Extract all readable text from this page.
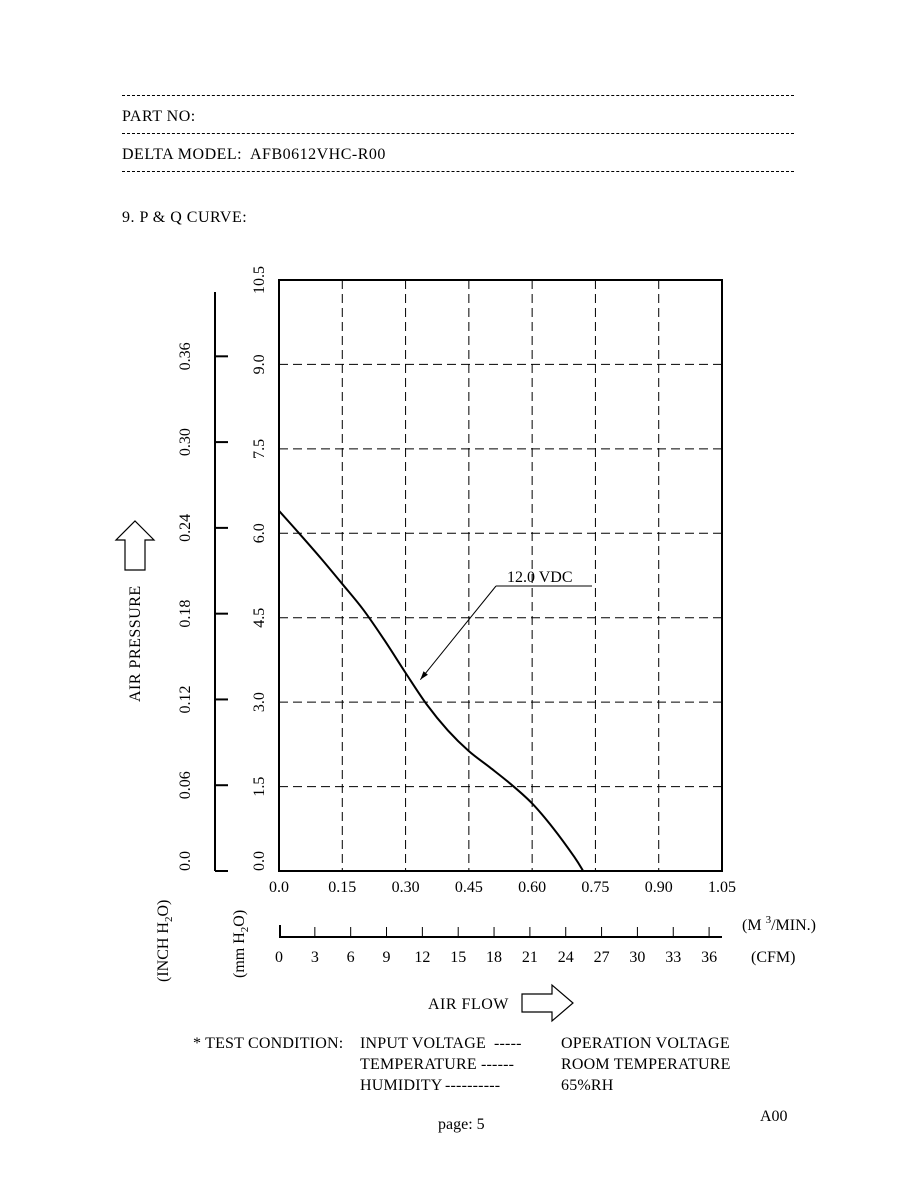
PART NO:
DELTA MODEL: AFB0612VHC-R00
9. P & Q CURVE:
12.0 VDC
0.0
1.5
3.0
4.5
6.0
7.5
9.0
10.5
0.0
0.06
0.12
0.18
0.24
0.30
0.36
AIR PRESSURE
(mm $H_2O$)
(INCH $H_2O$)
0.0 0.15 0.30 0.45 0.60 0.75 0.90 1.05
0 3 6 9 12 15 18 21 24 27 30 33 36
(M $^3$/MIN.)
(CFM)
AIR FLOW
* TEST CONDITION: INPUT VOLTAGE ----- OPERATION VOLTAGE
TEMPERATURE ------	ROOM TEMPERATURE
HUMIDITY ----------	65%RH
page: 5	A00
